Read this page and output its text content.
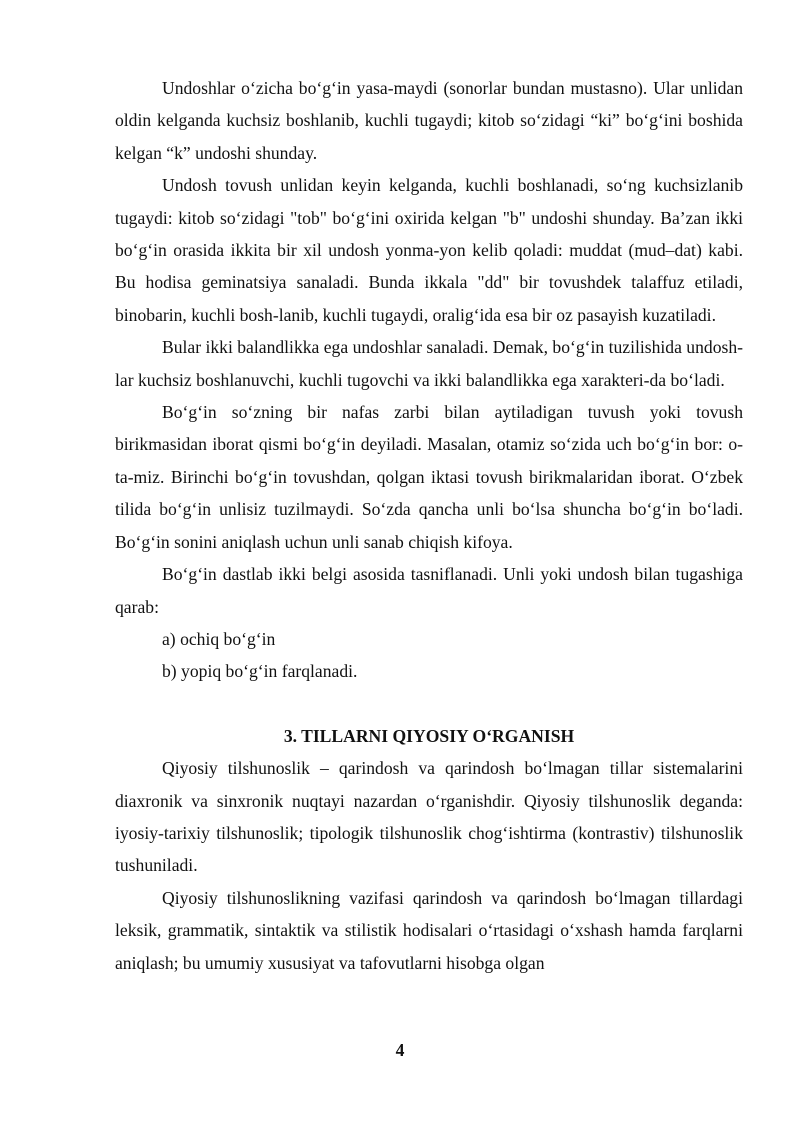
Undoshlar o‘zicha bo‘g‘in yasa-maydi (sonorlar bundan mustasno). Ular unlidan oldin kelganda kuchsiz boshlanib, kuchli tugaydi; kitob so‘zidagi “ki” bo‘g‘ini boshida kelgan “k” undoshi shunday.

Undosh tovush unlidan keyin kelganda, kuchli boshlanadi, so‘ng kuchsizlanib tugaydi: kitob so‘zidagi "tob" bo‘g‘ini oxirida kelgan "b" undoshi shunday. Ba’zan ikki bo‘g‘in orasida ikkita bir xil undosh yonma-yon kelib qoladi: muddat (mud–dat) kabi. Bu hodisa geminatsiya sanaladi. Bunda ikkala "dd" bir tovushdek talaffuz etiladi, binobarin, kuchli bosh-lanib, kuchli tugaydi, oralig‘ida esa bir oz pasayish kuzatiladi.

Bular ikki balandlikka ega undoshlar sanaladi. Demak, bo‘g‘in tuzilishida undosh-lar kuchsiz boshlanuvchi, kuchli tugovchi va ikki balandlikka ega xarakteri-da bo‘ladi.

Bo‘g‘in so‘zning bir nafas zarbi bilan aytiladigan tuvush yoki tovush birikmasidan iborat qismi bo‘g‘in deyiladi. Masalan, otamiz so‘zida uch bo‘g‘in bor: o-ta-miz. Birinchi bo‘g‘in tovushdan, qolgan iktasi tovush birikmalaridan iborat. O‘zbek tilida bo‘g‘in unlisiz tuzilmaydi. So‘zda qancha unli bo‘lsa shuncha bo‘g‘in bo‘ladi. Bo‘g‘in sonini aniqlash uchun unli sanab chiqish kifoya.

Bo‘g‘in dastlab ikki belgi asosida tasniflanadi. Unli yoki undosh bilan tugashiga qarab:

a) ochiq bo‘g‘in

b) yopiq bo‘g‘in farqlanadi.

3. TILLARNI QIYOSIY O‘RGANISH

Qiyosiy tilshunoslik – qarindosh va qarindosh bo‘lmagan tillar sistemalarini diaxronik va sinxronik nuqtayi nazardan o‘rganishdir. Qiyosiy tilshunoslik deganda: iyosiy-tarixiy tilshunoslik; tipologik tilshunoslik chog‘ishtirma (kontrastiv) tilshunoslik tushuniladi.

Qiyosiy tilshunoslikning vazifasi qarindosh va qarindosh bo‘lmagan tillardagi leksik, grammatik, sintaktik va stilistik hodisalari o‘rtasidagi o‘xshash hamda farqlarni aniqlash; bu umumiy xususiyat va tafovutlarni hisobga olgan

4
